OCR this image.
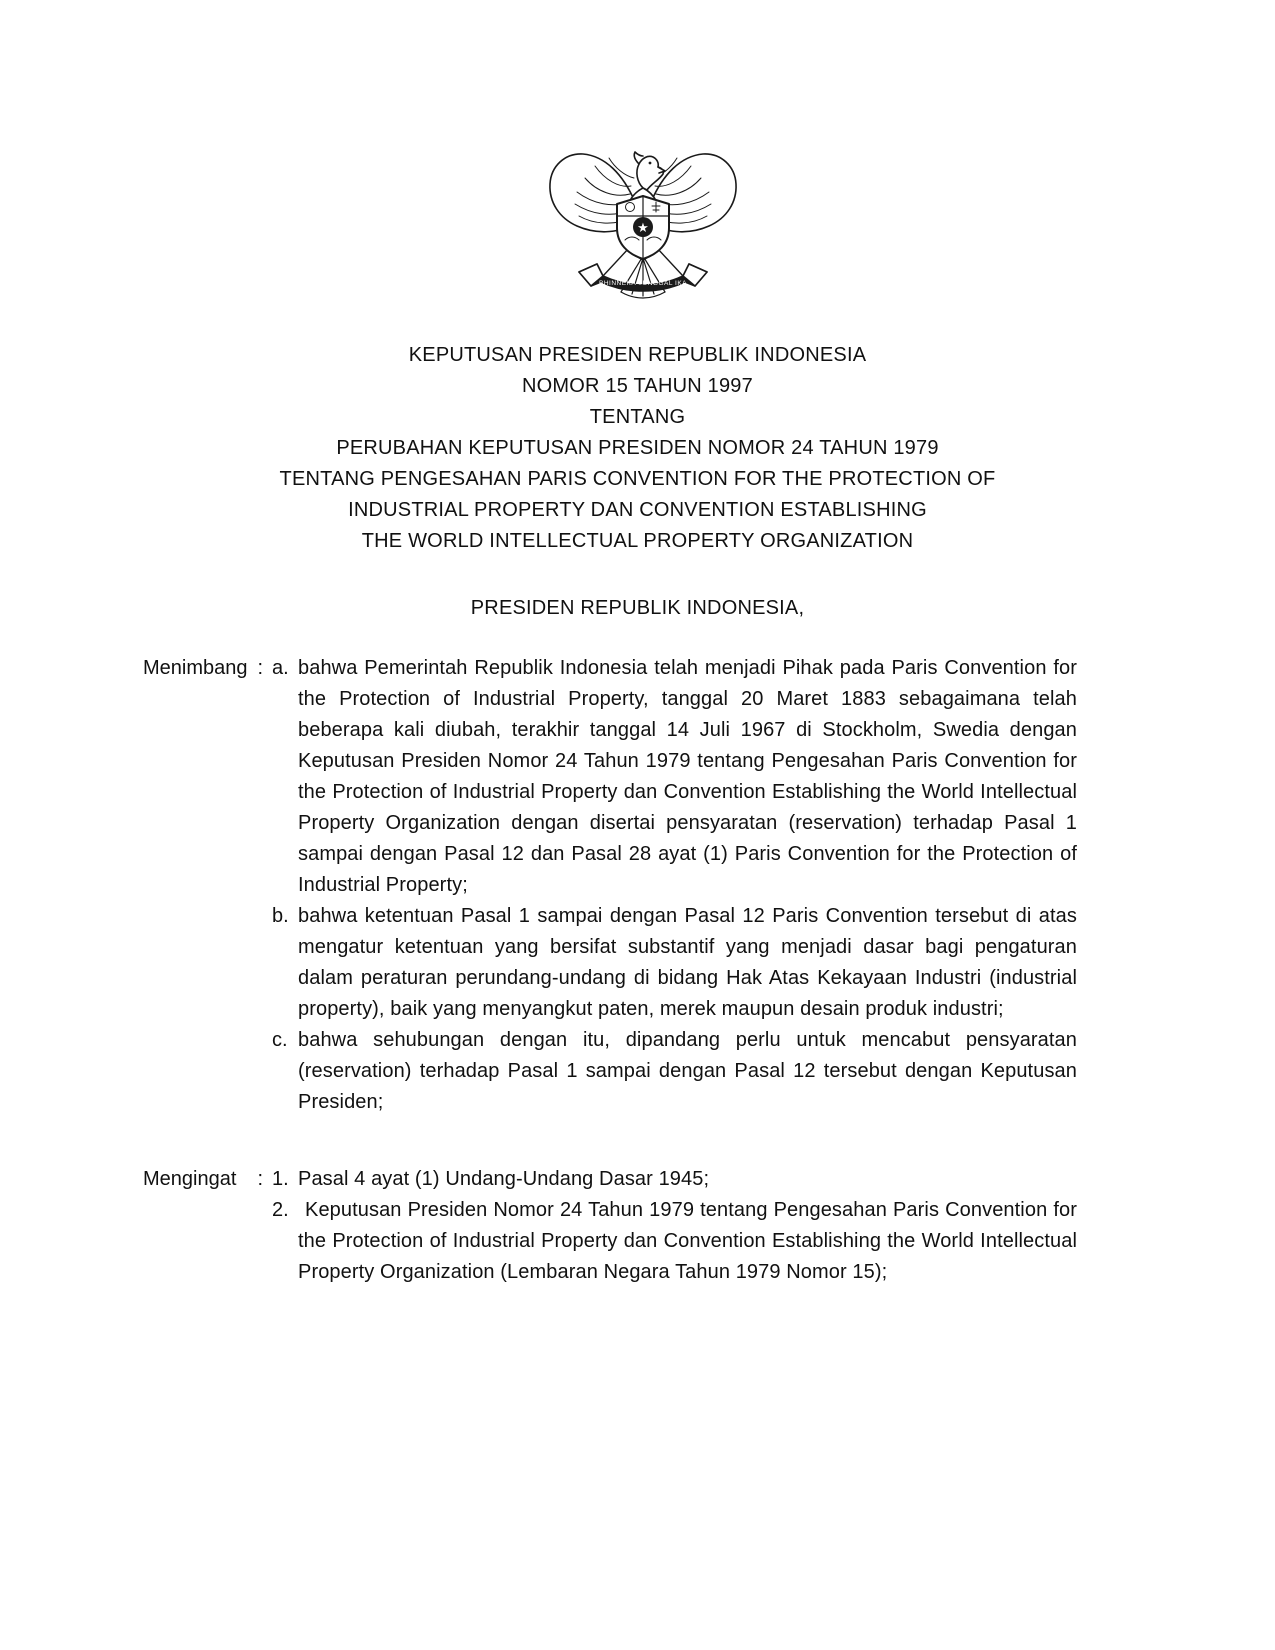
★
BHINNEKA TUNGGAL IKA
KEPUTUSAN PRESIDEN REPUBLIK INDONESIA
NOMOR 15 TAHUN 1997
TENTANG
PERUBAHAN KEPUTUSAN PRESIDEN NOMOR 24 TAHUN 1979
TENTANG PENGESAHAN PARIS CONVENTION FOR THE PROTECTION OF
INDUSTRIAL PROPERTY DAN CONVENTION ESTABLISHING
THE WORLD INTELLECTUAL PROPERTY ORGANIZATION
PRESIDEN REPUBLIK INDONESIA,
Menimbang : a. bahwa Pemerintah Republik Indonesia telah menjadi Pihak pada Paris Convention for the Protection of Industrial Property, tanggal 20 Maret 1883 sebagaimana telah beberapa kali diubah, terakhir tanggal 14 Juli 1967 di Stockholm, Swedia dengan Keputusan Presiden Nomor 24 Tahun 1979 tentang Pengesahan Paris Convention for the Protection of Industrial Property dan Convention Establishing the World Intellectual Property Organization dengan disertai pensyaratan (reservation) terhadap Pasal 1 sampai dengan Pasal 12 dan Pasal 28 ayat (1) Paris Convention for the Protection of Industrial Property;
b. bahwa ketentuan Pasal 1 sampai dengan Pasal 12 Paris Convention tersebut di atas mengatur ketentuan yang bersifat substantif yang menjadi dasar bagi pengaturan dalam peraturan perundang-undang di bidang Hak Atas Kekayaan Industri (industrial property), baik yang menyangkut paten, merek maupun desain produk industri;
c. bahwa sehubungan dengan itu, dipandang perlu untuk mencabut pensyaratan (reservation) terhadap Pasal 1 sampai dengan Pasal 12 tersebut dengan Keputusan Presiden;
Mengingat : 1. Pasal 4 ayat (1) Undang-Undang Dasar 1945;
2. Keputusan Presiden Nomor 24 Tahun 1979 tentang Pengesahan Paris Convention for the Protection of Industrial Property dan Convention Establishing the World Intellectual Property Organization (Lembaran Negara Tahun 1979 Nomor 15);
